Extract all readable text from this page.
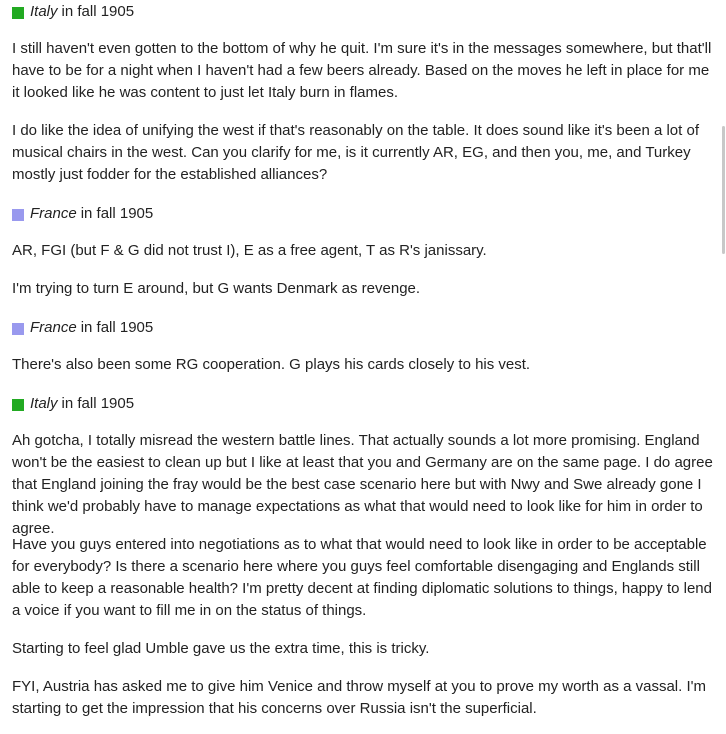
Italy in fall 1905

I still haven't even gotten to the bottom of why he quit. I'm sure it's in the messages somewhere, but that'll have to be for a night when I haven't had a few beers already. Based on the moves he left in place for me it looked like he was content to just let Italy burn in flames.

I do like the idea of unifying the west if that's reasonably on the table. It does sound like it's been a lot of musical chairs in the west. Can you clarify for me, is it currently AR, EG, and then you, me, and Turkey mostly just fodder for the established alliances?

France in fall 1905

AR, FGI (but F & G did not trust I), E as a free agent, T as R's janissary.

I'm trying to turn E around, but G wants Denmark as revenge.

France in fall 1905

There's also been some RG cooperation. G plays his cards closely to his vest.

Italy in fall 1905

Ah gotcha, I totally misread the western battle lines. That actually sounds a lot more promising. England won't be the easiest to clean up but I like at least that you and Germany are on the same page. I do agree that England joining the fray would be the best case scenario here but with Nwy and Swe already gone I think we'd probably have to manage expectations as what that would need to look like for him in order to agree.

Have you guys entered into negotiations as to what that would need to look like in order to be acceptable for everybody? Is there a scenario here where you guys feel comfortable disengaging and Englands still able to keep a reasonable health? I'm pretty decent at finding diplomatic solutions to things, happy to lend a voice if you want to fill me in on the status of things.

Starting to feel glad Umble gave us the extra time, this is tricky.

FYI, Austria has asked me to give him Venice and throw myself at you to prove my worth as a vassal. I'm starting to get the impression that his concerns over Russia isn't the superficial.
